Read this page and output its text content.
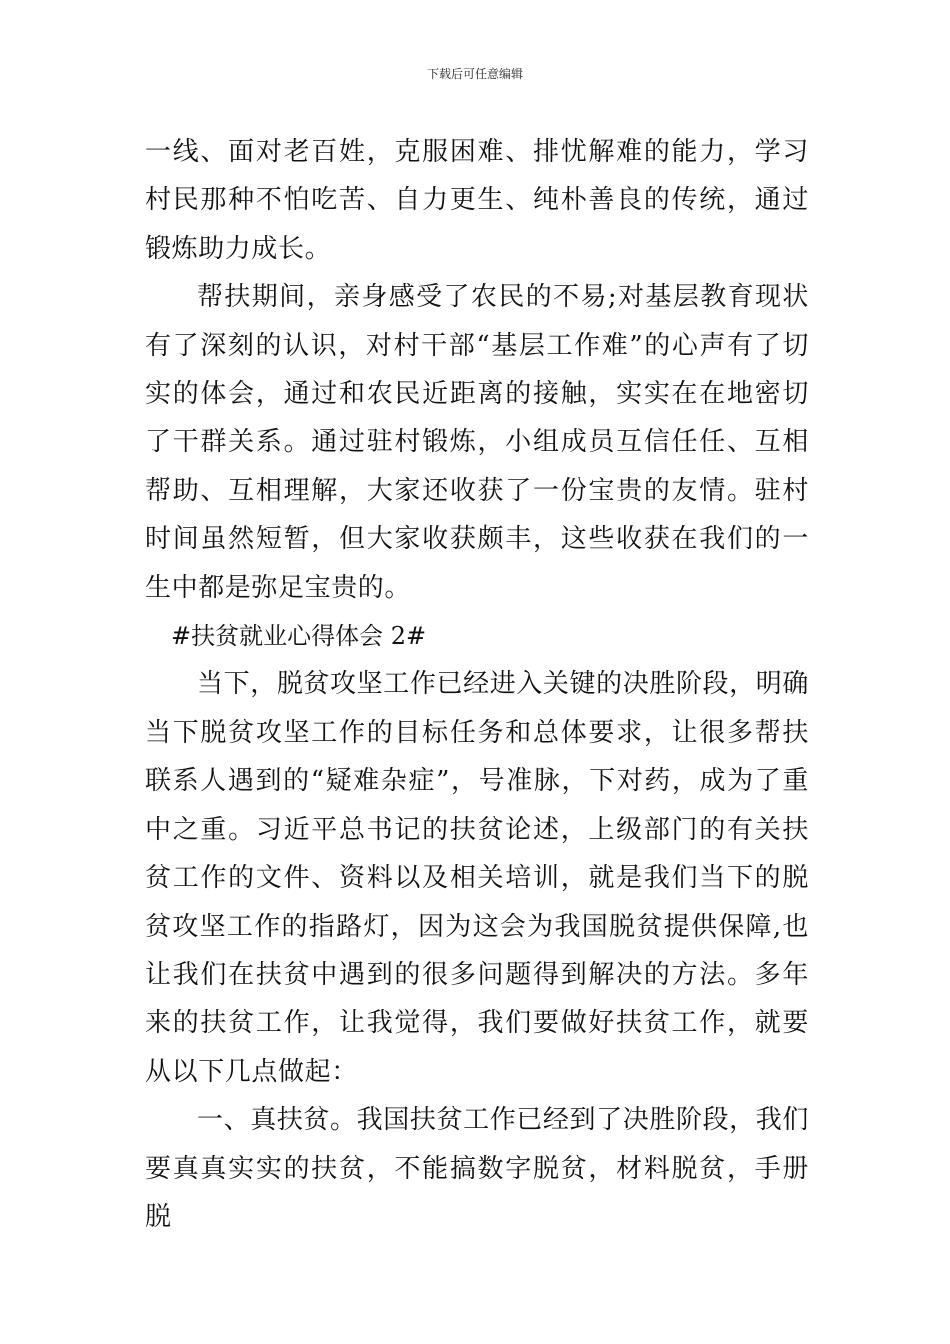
下载后可任意编辑

一线、面对老百姓，克服困难、排忧解难的能力，学习村民那种不怕吃苦、自力更生、纯朴善良的传统，通过锻炼助力成长。

帮扶期间，亲身感受了农民的不易;对基层教育现状有了深刻的认识，对村干部“基层工作难”的心声有了切实的体会，通过和农民近距离的接触，实实在在地密切了干群关系。通过驻村锻炼，小组成员互信任任、互相帮助、互相理解，大家还收获了一份宝贵的友情。驻村时间虽然短暂，但大家收获颇丰，这些收获在我们的一生中都是弥足宝贵的。

#扶贫就业心得体会 2#

当下，脱贫攻坚工作已经进入关键的决胜阶段，明确当下脱贫攻坚工作的目标任务和总体要求，让很多帮扶联系人遇到的“疑难杂症”，号准脉，下对药，成为了重中之重。习近平总书记的扶贫论述，上级部门的有关扶贫工作的文件、资料以及相关培训，就是我们当下的脱贫攻坚工作的指路灯，因为这会为我国脱贫提供保障,也让我们在扶贫中遇到的很多问题得到解决的方法。多年来的扶贫工作，让我觉得，我们要做好扶贫工作，就要从以下几点做起：

一、真扶贫。我国扶贫工作已经到了决胜阶段，我们要真真实实的扶贫，不能搞数字脱贫，材料脱贫，手册脱
